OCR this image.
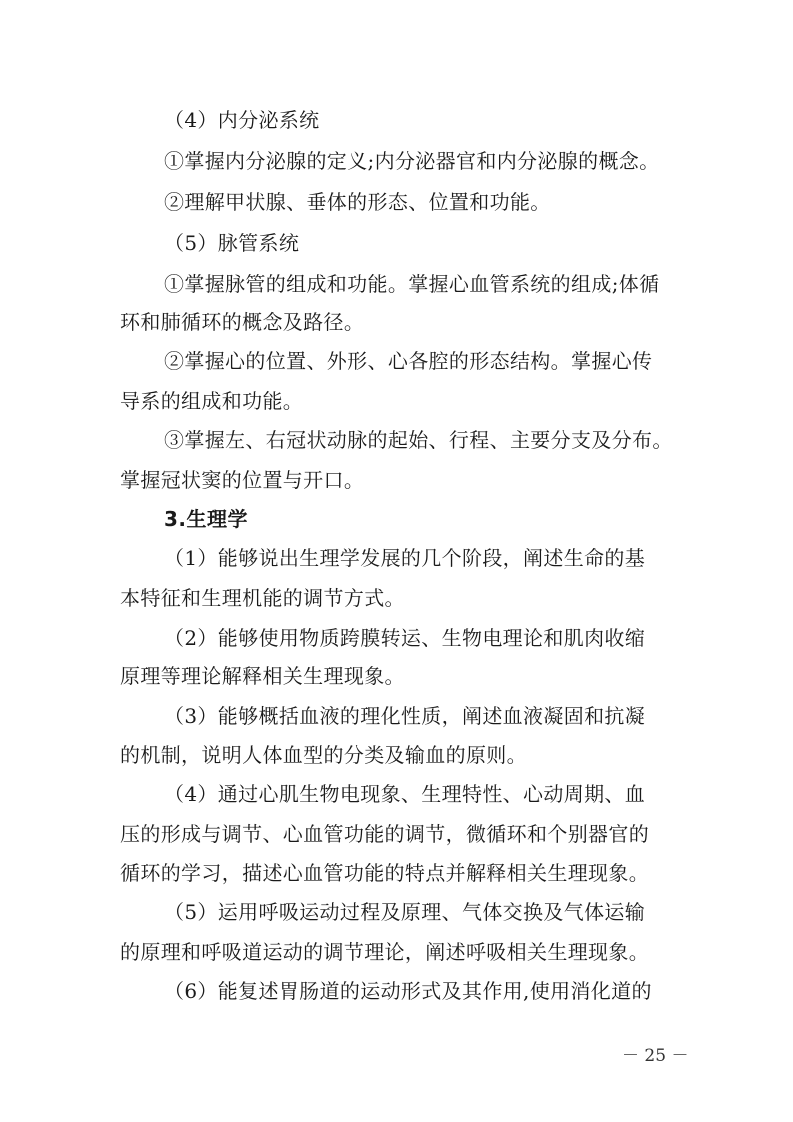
（4）内分泌系统
①掌握内分泌腺的定义;内分泌器官和内分泌腺的概念。
②理解甲状腺、垂体的形态、位置和功能。
（5）脉管系统
①掌握脉管的组成和功能。掌握心血管系统的组成;体循
环和肺循环的概念及路径。
②掌握心的位置、外形、心各腔的形态结构。掌握心传
导系的组成和功能。
③掌握左、右冠状动脉的起始、行程、主要分支及分布。
掌握冠状窦的位置与开口。
3.生理学
（1）能够说出生理学发展的几个阶段，阐述生命的基
本特征和生理机能的调节方式。
（2）能够使用物质跨膜转运、生物电理论和肌肉收缩
原理等理论解释相关生理现象。
（3）能够概括血液的理化性质，阐述血液凝固和抗凝
的机制，说明人体血型的分类及输血的原则。
（4）通过心肌生物电现象、生理特性、心动周期、血
压的形成与调节、心血管功能的调节，微循环和个别器官的
循环的学习，描述心血管功能的特点并解释相关生理现象。
（5）运用呼吸运动过程及原理、气体交换及气体运输
的原理和呼吸道运动的调节理论，阐述呼吸相关生理现象。
（6）能复述胃肠道的运动形式及其作用,使用消化道的
－ 25 －
